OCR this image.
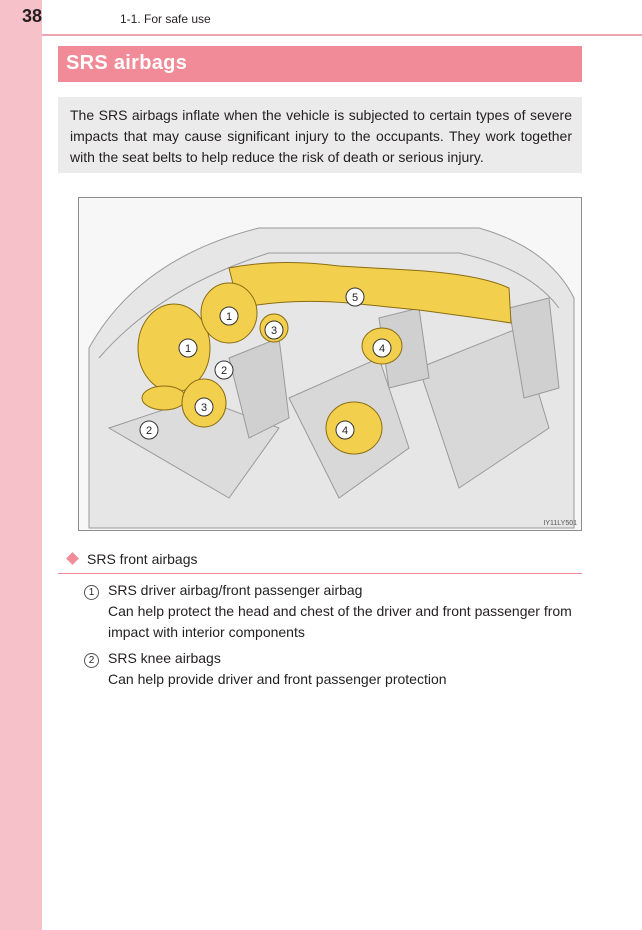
38	1-1. For safe use
SRS airbags
The SRS airbags inflate when the vehicle is subjected to certain types of severe impacts that may cause significant injury to the occupants. They work together with the seat belts to help reduce the risk of death or serious injury.
1
1
2
2
3
3
4
4
5
IY11LY501
SRS front airbags
1 SRS driver airbag/front passenger airbag
Can help protect the head and chest of the driver and front passenger from impact with interior components
2 SRS knee airbags
Can help provide driver and front passenger protection
